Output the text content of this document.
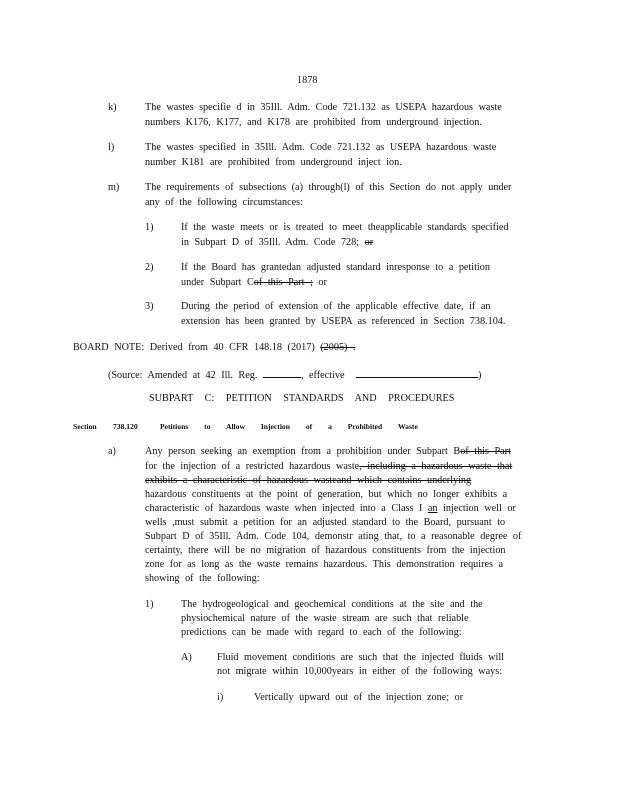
1878
k)	The wastes specifie d in 35Ill. Adm. Code 721.132 as USEPA hazardous waste
numbers K176, K177, and K178 are prohibited from underground injection.
l)	The wastes specified in 35Ill. Adm. Code 721.132 as USEPA hazardous waste
number K181 are prohibited from underground inject ion.
m)	The requirements of subsections (a) through(l) of this Section do not apply under
any of the following circumstances:
1)	If the waste meets or is treated to meet theapplicable standards specified
in Subpart D of 35Ill. Adm. Code 728; or
2)	If the Board has grantedan adjusted standard inresponse to a petition
under Subpart Cof this Part ; or
3)	During the period of extension of the applicable effective date, if an
extension has been granted by USEPA as referenced in Section 738.104.
BOARD NOTE: Derived from 40 CFR 148.18 (2017) (2005) .
(Source: Amended at 42 Ill. Reg.	, effective	)
SUBPART C: PETITION STANDARDS AND PROCEDURES
Section 738.120	Petitions to Allow Injection of a Prohibited Waste
a)	Any person seeking an exemption from a prohibition under Subpart Bof this Part
for the injection of a restricted hazardous waste, including a hazardous waste that
exhibits a characteristic of hazardous wasteand which contains underlying
hazardous constituents at the point of generation, but which no longer exhibits a
characteristic of hazardous waste when injected into a Class I an injection well or
wells ,must submit a petition for an adjusted standard to the Board, pursuant to
Subpart D of 35Ill. Adm. Code 104, demonstr ating that, to a reasonable degree of
certainty, there will be no migration of hazardous constituents from the injection
zone for as long as the waste remains hazardous. This demonstration requires a
showing of the following:
1)	The hydrogeological and geochemical conditions at the site and the
physiochemical nature of the waste stream are such that reliable
predictions can be made with regard to each of the following:
A) Fluid movement conditions are such that the injected fluids will
not migrate within 10,000years in either of the following ways:
i)	Vertically upward out of the injection zone; or
